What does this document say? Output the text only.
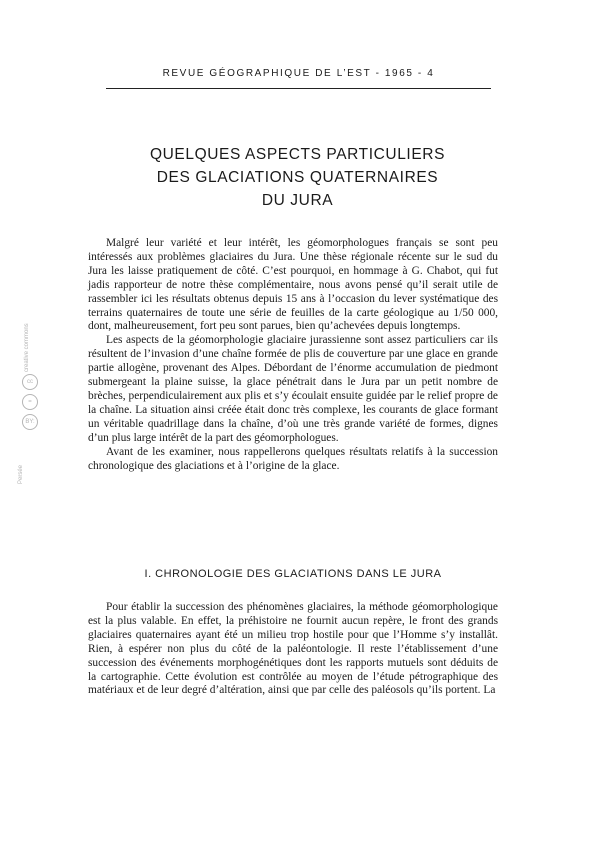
REVUE GÉOGRAPHIQUE DE L’EST - 1965 - 4
QUELQUES ASPECTS PARTICULIERS
DES GLACIATIONS QUATERNAIRES
DU JURA

Malgré leur variété et leur intérêt, les géomorphologues français se sont peu intéressés aux problèmes glaciaires du Jura. Une thèse régionale récente sur le sud du Jura les laisse pratiquement de côté. C’est pourquoi, en hommage à G. Chabot, qui fut jadis rapporteur de notre thèse complémentaire, nous avons pensé qu’il serait utile de rassembler ici les résultats obtenus depuis 15 ans à l’occasion du lever systématique des terrains quaternaires de toute une série de feuilles de la carte géologique au 1/50 000, dont, malheureusement, fort peu sont parues, bien qu’achevées depuis longtemps.

Les aspects de la géomorphologie glaciaire jurassienne sont assez particuliers car ils résultent de l’invasion d’une chaîne formée de plis de couverture par une glace en grande partie allogène, provenant des Alpes. Débordant de l’énorme accumulation de piedmont submergeant la plaine suisse, la glace pénétrait dans le Jura par un petit nombre de brèches, perpendiculairement aux plis et s’y écoulait ensuite guidée par le relief propre de la chaîne. La situation ainsi créée était donc très complexe, les courants de glace formant un véritable quadrillage dans la chaîne, d’où une très grande variété de formes, dignes d’un plus large intérêt de la part des géomorphologues.

Avant de les examiner, nous rappellerons quelques résultats relatifs à la succession chronologique des glaciations et à l’origine de la glace.

I. CHRONOLOGIE DES GLACIATIONS DANS LE JURA

Pour établir la succession des phénomènes glaciaires, la méthode géomorphologique est la plus valable. En effet, la préhistoire ne fournit aucun repère, le front des grands glaciaires quaternaires ayant été un milieu trop hostile pour que l’Homme s’y installât. Rien, à espérer non plus du côté de la paléontologie. Il reste l’établissement d’une succession des événements morphogénétiques dont les rapports mutuels sont déduits de la cartographie. Cette évolution est contrôlée au moyen de l’étude pétrographique des matériaux et de leur degré d’altération, ainsi que par celle des paléosols qu’ils portent. La

Persée
BY:
=
cc
creative commons
